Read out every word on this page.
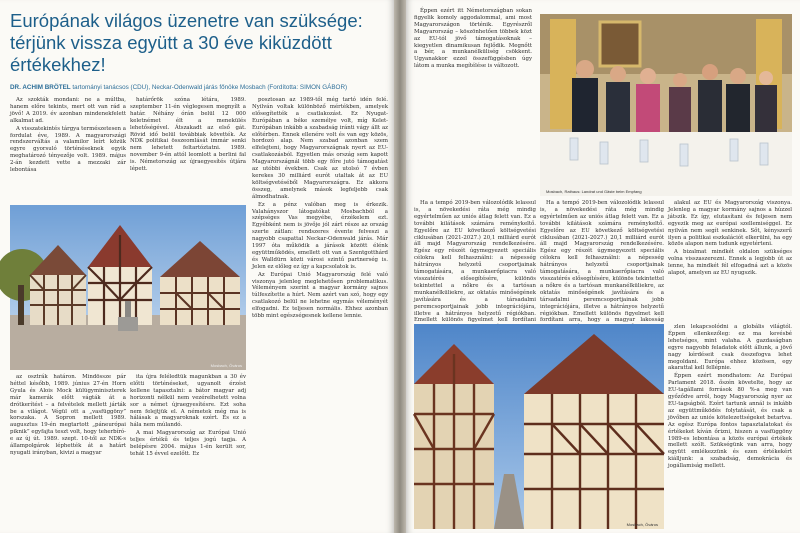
Európának világos üzenetre van szüksége: térjünk vissza együtt a 30 éve kiküzdött értékekhez!
DR. ACHIM BRÖTEL tartományi tanácsos (CDU), Neckar-Odenwald járás főnöke Mosbach (Fordította: SIMON GÁBOR)

Az szokták mondani: ne a múltba, hanem előre tekints, mert ott van rád a jövő! A 2019. év azonban mindenekfelett alkalmat ad.

A visszatekintés tárgya természetesen a fordulat éve, 1989. A magyarországi rendszerváltás a valamilor leírt közük egyre gyorsuló történéseknek egyik meghatározó tényezője volt. 1989. május 2-án kezdett vette a mezzaki zár lebontása

határőrök szóna létára, 1989. szeptember 11-én véglegesen megnyílt a határ. Néhány órán belül 12 000 keletnémet élt a menekülés lehetőségével. Átszakadt az első gát. Rövid idő belül továbbiak követték. Az NDK politikai összeomlását immár senki nem lehetett feltartóztatni. 1989. november 9-én attól leomlott a berlini fal is. Németország az újraegyesítés útjára lépett.

posztosan az 1989-től még tartó idén felé. Nyilván voltak különböző mértékben, amelyek elősegítették a csatlakozást. Ez Nyugat-Európában a béke személye volt, míg Kelet-Európában inkább a szabadság iránti vágy állt az előtérben. Ennek ellenére volt és van egy közös, hordozó alap. Nem szabad azonban szem elfelejteni, hogy Magyarországnak nyert az EU-csatlakozásból. Egyetlen más ország sem kapott Magyarországnál több egy főre jutó támogatást az utóbbi években. Csak az utolsó 7 évben kerekes 30 milliárd eurót utaltak át az EU költségvetéséből Magyarországra. Ez akkora összeg, amelynek mások legfeljebb csak álmodhatnak.

Ez a pénz valóban meg is érkezik. Valahányszor látogatókat Mosbachból a szépséges Vas megyébe, érzékelem ezt. Egyébként nem is jövője jól zárt része az ország szerte zátlan: rendszeres évente felveszi a nagyobb csapattal Neckar-Odenwald járás. Már 1997 óta működik a járások között élénk együttműködés, emellett ott van a Szentgotthárd és Walldürn közti városi szintű partnerség is. Jelen ez előleg ez így a kapcsolatok is.

Az Európai Unió Magyarország felé való viszonya jelenleg meglehetősen problematikus. Véleményem szerint a magyar kormány sajnos túlfeszítette a húrt. Nem azért van szó, hogy egy csatlakozó belül ne lehetne egymás véleményét elfogadni. Ez teljesen normális. Ehhez azonban több mint egészségesnek kellene lennie.

Mosbach, Óváros

az osztrák határon. Mindössze pár héttel később, 1989. június 27-én Horn Gyula és Alois Mock külügyminiszterek már kamerák előtt vágták át a drótkerítést – a felvételek mellett járták be a világot. Végül ott a „vasfüggöny” korszaka. A Sopron mellett 1989. augusztus 19-én megtartott „páneurópai piknik” egyfajta teszt volt, hogy teherbíró-e az új út. 1989. szept. 10-től az NDK-s állampolgárok léphették át a határt nyugati irányban, kivizi a magyar

ita újra feléledtük magunkban a 30 év előtti történéseket, ugyanolt érzést kellene tapasztalni: a bátor magyar adj horizonti nélkül nem vezérelhetett volna sor a német újraegyesítésre. Ezt soha nem felejtjük el. A németek még ma is hálásak a magyaroknak ezért. És ez a hála nem múlandó.

A mai Magyarország az Európai Unió teljes értékű és teljes jogú tagja. A belépésre 2004. május 1-én került sor, tehát 15 évvel ezelőtt. Ez

Éppen ezért itt Németországban sokan figyelik komoly aggodalommal, ami most Magyarországon történik. Egyrészről Magyarország – köszönhetően többek közt az EU-tól jövő támogatásoknak – kiegyetlen dinamikusan fejlődik. Megnőtt a bér, a munkanélküliség csökkent. Ugyanakkor ezzel összefüggésben úgy látom a munka megítélése is változott.

Mosbach, Rathaus: Landrat und Gäste beim Empfang

Ha a tempó 2019-ben válozolódik lelassul is, a növekedési ráta még mindig egyértelműen az uniós átlag felett van. Ez a további kilátások számára reménykeltő. Egyelőre az EU következő költségvetési ciklusában (2021-2027.) 20,1 milliárd eurót áll majd Magyarország rendelkezésére. Egész egy részét úgymegyezett speciális célokra kell felhasználni: a népesség hátrányos helyzetű csoportjainak támogatására, a munkaerőpiacra való visszatérés elősegítésére, különös tekintettel a nőkre és a tartósan munkanélküliekre, az oktatás minőségének javítására és a társadalmi peremcsoportjainak jobb integrációjára, illetve a hátrányos helyzetű régiókban. Emellett különös figyelmet kell fordítani arra, hogy a magyar lakosság

Ha a tempó 2019-ben válozolódik lelassul is, a növekedési ráta még mindig egyértelműen az uniós átlag felett van. Ez a további kilátások számára reménykeltő. Egyelőre az EU következő költségvetési ciklusában (2021-2027.) 20,1 milliárd eurót áll majd Magyarország rendelkezésére. Egész egy részét úgymegyezett speciális célokra kell felhasználni: a népesség hátrányos helyzetű csoportjainak támogatására, a munkaerőpiacra való visszatérés elősegítésére, különös tekintettel a nőkre és a tartósan munkanélküliekre, az oktatás minőségének javítására és a társadalmi peremcsoportjainak jobb integrációjára, illetve a hátrányos helyzetű régiókban. Emellett különös figyelmet kell fordítani

alakul az EU és Magyarország viszonya. Jelenleg a magyar kormány sajnos a húzzel játszik. Ez így, elutasítani és feljesen nem egyezik meg az európai szellemiséggel. Ez nyilván nem segít senkinek. Sőt, kényszerű ilyen a politikai eszkalációt elkerülni, ha egy közös alapon nem tudunk egyetérteni.

A bizalmat mindkét oldalon szükséges volna visszaszerezni. Ennek a legjobb út az lenne, ha mindkét fél elfogadná azt a közös alapot, amelyen az EU nyugszik.

Mosbach, Óváros

zlen lekapcsolódni a globális világtól. Éppen ellenkezőleg: ez ma kevésbé lehetséges, mint valaha. A gazdaságban egyre nagyobb feladatok előtt állunk, a jövő nagy kérdéseit csak összefogva lehet megoldani. Európa ehhez közösen, egy akarattal kell fellépnie.

Éppen ezért mondhatom: Az Európai Parlament 2018. őszén követelte, hogy az EU-tagállami források 80 %-a meg van győződve arról, hogy Magyarország nyer az EU-tagságból. Ezért tartunk annál is inkább az együttműködés folytatását, és csak a jövőben az uniós kötelezettségeket betartva. Az egész Európa fontos tapasztalatokat és értékeket kíván őrizni, hiszen a vasfüggöny 1989-es lebontása a közös európai értékek mellett szólt. Szükségünk van arra, hogy együtt emlékezzünk és ezen értékekért kiálljunk: a szabadság, demokrácia és jogállamiság mellett.
